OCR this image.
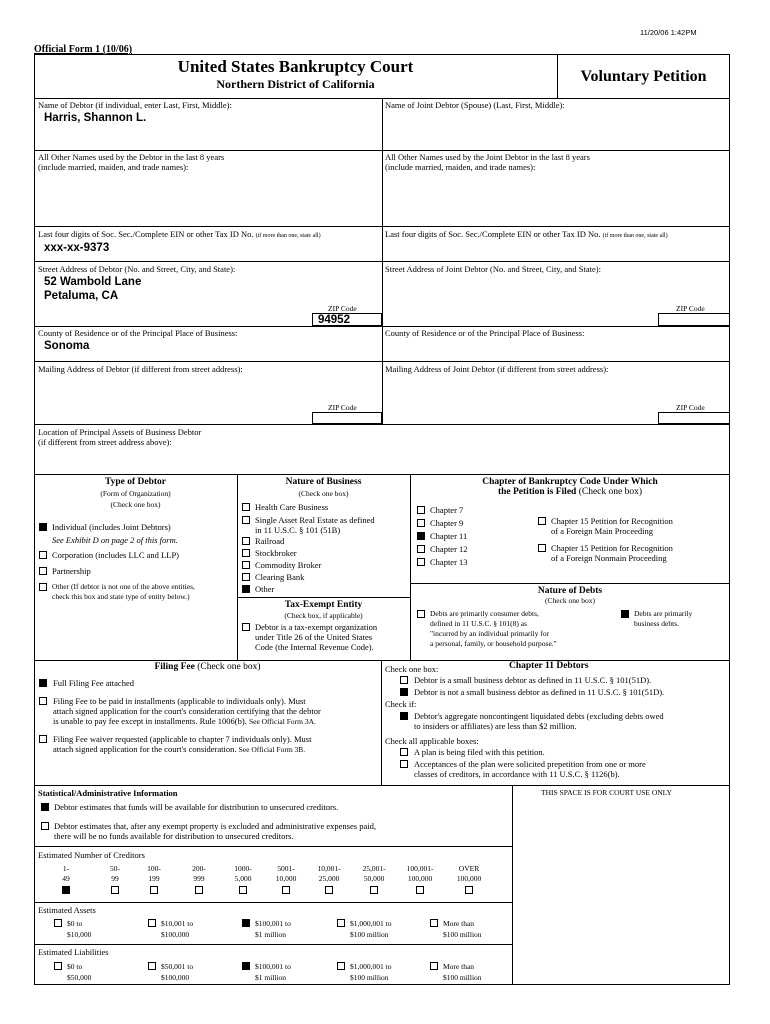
11/20/06 1:42PM
Official Form 1 (10/06)
United States Bankruptcy Court
Northern District of California	Voluntary Petition
Name of Debtor (if individual, enter Last, First, Middle):
Harris, Shannon L.
Name of Joint Debtor (Spouse) (Last, First, Middle):
All Other Names used by the Debtor in the last 8 years
(include married, maiden, and trade names):
All Other Names used by the Joint Debtor in the last 8 years
(include married, maiden, and trade names):
Last four digits of Soc. Sec./Complete EIN or other Tax ID No. (if more than one, state all)
xxx-xx-9373
Last four digits of Soc. Sec./Complete EIN or other Tax ID No. (if more than one, state all)
Street Address of Debtor (No. and Street, City, and State):
52 Wambold Lane
Petaluma, CA
ZIP Code
94952
Street Address of Joint Debtor (No. and Street, City, and State):
ZIP Code
County of Residence or of the Principal Place of Business:
Sonoma
County of Residence or of the Principal Place of Business:
Mailing Address of Debtor (if different from street address):
ZIP Code
Mailing Address of Joint Debtor (if different from street address):
ZIP Code
Location of Principal Assets of Business Debtor
(if different from street address above):
Type of Debtor
(Form of Organization)
(Check one box)
Individual (includes Joint Debtors)
See Exhibit D on page 2 of this form.
Corporation (includes LLC and LLP)
Partnership
Other (If debtor is not one of the above entities,
check this box and state type of entity below.)
Nature of Business
(Check one box)
Health Care Business
Single Asset Real Estate as defined
in 11 U.S.C. § 101 (51B)
Railroad
Stockbroker
Commodity Broker
Clearing Bank
Other
Tax-Exempt Entity
(Check box, if applicable)
Debtor is a tax-exempt organization
under Title 26 of the United States
Code (the Internal Revenue Code).
Chapter of Bankruptcy Code Under Which
the Petition is Filed (Check one box)
Chapter 7
Chapter 9
Chapter 11
Chapter 12
Chapter 13
Chapter 15 Petition for Recognition
of a Foreign Main Proceeding
Chapter 15 Petition for Recognition
of a Foreign Nonmain Proceeding
Nature of Debts
(Check one box)
Debts are primarily consumer debts,
defined in 11 U.S.C. § 101(8) as
"incurred by an individual primarily for
a personal, family, or household purpose."
Debts are primarily
business debts.
Filing Fee (Check one box)
Full Filing Fee attached
Filing Fee to be paid in installments (applicable to individuals only). Must
attach signed application for the court's consideration certifying that the debtor
is unable to pay fee except in installments. Rule 1006(b). See Official Form 3A.
Filing Fee waiver requested (applicable to chapter 7 individuals only). Must
attach signed application for the court's consideration. See Official Form 3B.
Check one box:	Chapter 11 Debtors
Debtor is a small business debtor as defined in 11 U.S.C. § 101(51D).
Debtor is not a small business debtor as defined in 11 U.S.C. § 101(51D).
Check if:
Debtor's aggregate noncontingent liquidated debts (excluding debts owed
to insiders or affiliates) are less than $2 million.
Check all applicable boxes:
A plan is being filed with this petition.
Acceptances of the plan were solicited prepetition from one or more
classes of creditors, in accordance with 11 U.S.C. § 1126(b).
Statistical/Administrative Information	THIS SPACE IS FOR COURT USE ONLY
Debtor estimates that funds will be available for distribution to unsecured creditors.
Debtor estimates that, after any exempt property is excluded and administrative expenses paid,
there will be no funds available for distribution to unsecured creditors.
Estimated Number of Creditors
Estimated Assets
Estimated Liabilities
1-
49
50-
99
100-
199
200-
999
1000-
5,000
5001-
10,000
10,001-
25,000
25,001-
50,000
100,001-
100,000
OVER
100,000
$0 to
$10,000
$10,001 to
$100,000
$100,001 to
$1 million
$1,000,001 to
$100 million
More than
$100 million
$0 to
$50,000
$50,001 to
$100,000
$100,001 to
$1 million
$1,000,001 to
$100 million
More than
$100 million
